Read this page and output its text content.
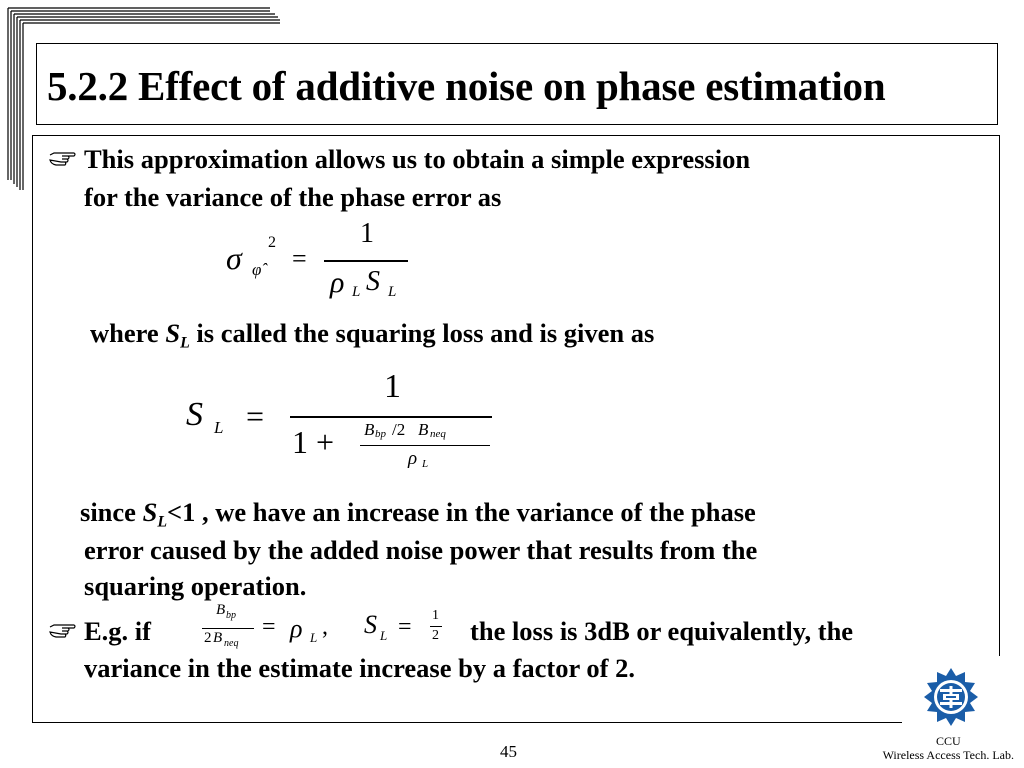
5.2.2 Effect of additive noise on phase estimation
This approximation allows us to obtain a simple expression
for the variance of the phase error as
σ 2
φ̂ =
1
ρ L S L
where $S_L$ is called the squaring loss and is given as
S L =
1
1 + B bp /2 B neq
ρ L
since $S_L<1$ , we have an increase in the variance of the phase
error caused by the added noise power that results from the
squaring operation.
E.g. if
B bp
2 B neq
= ρ L , S L = 1
2 the loss is 3dB or equivalently, the
variance in the estimate increase by a factor of 2.
45
CCU
Wireless Access Tech. Lab.
